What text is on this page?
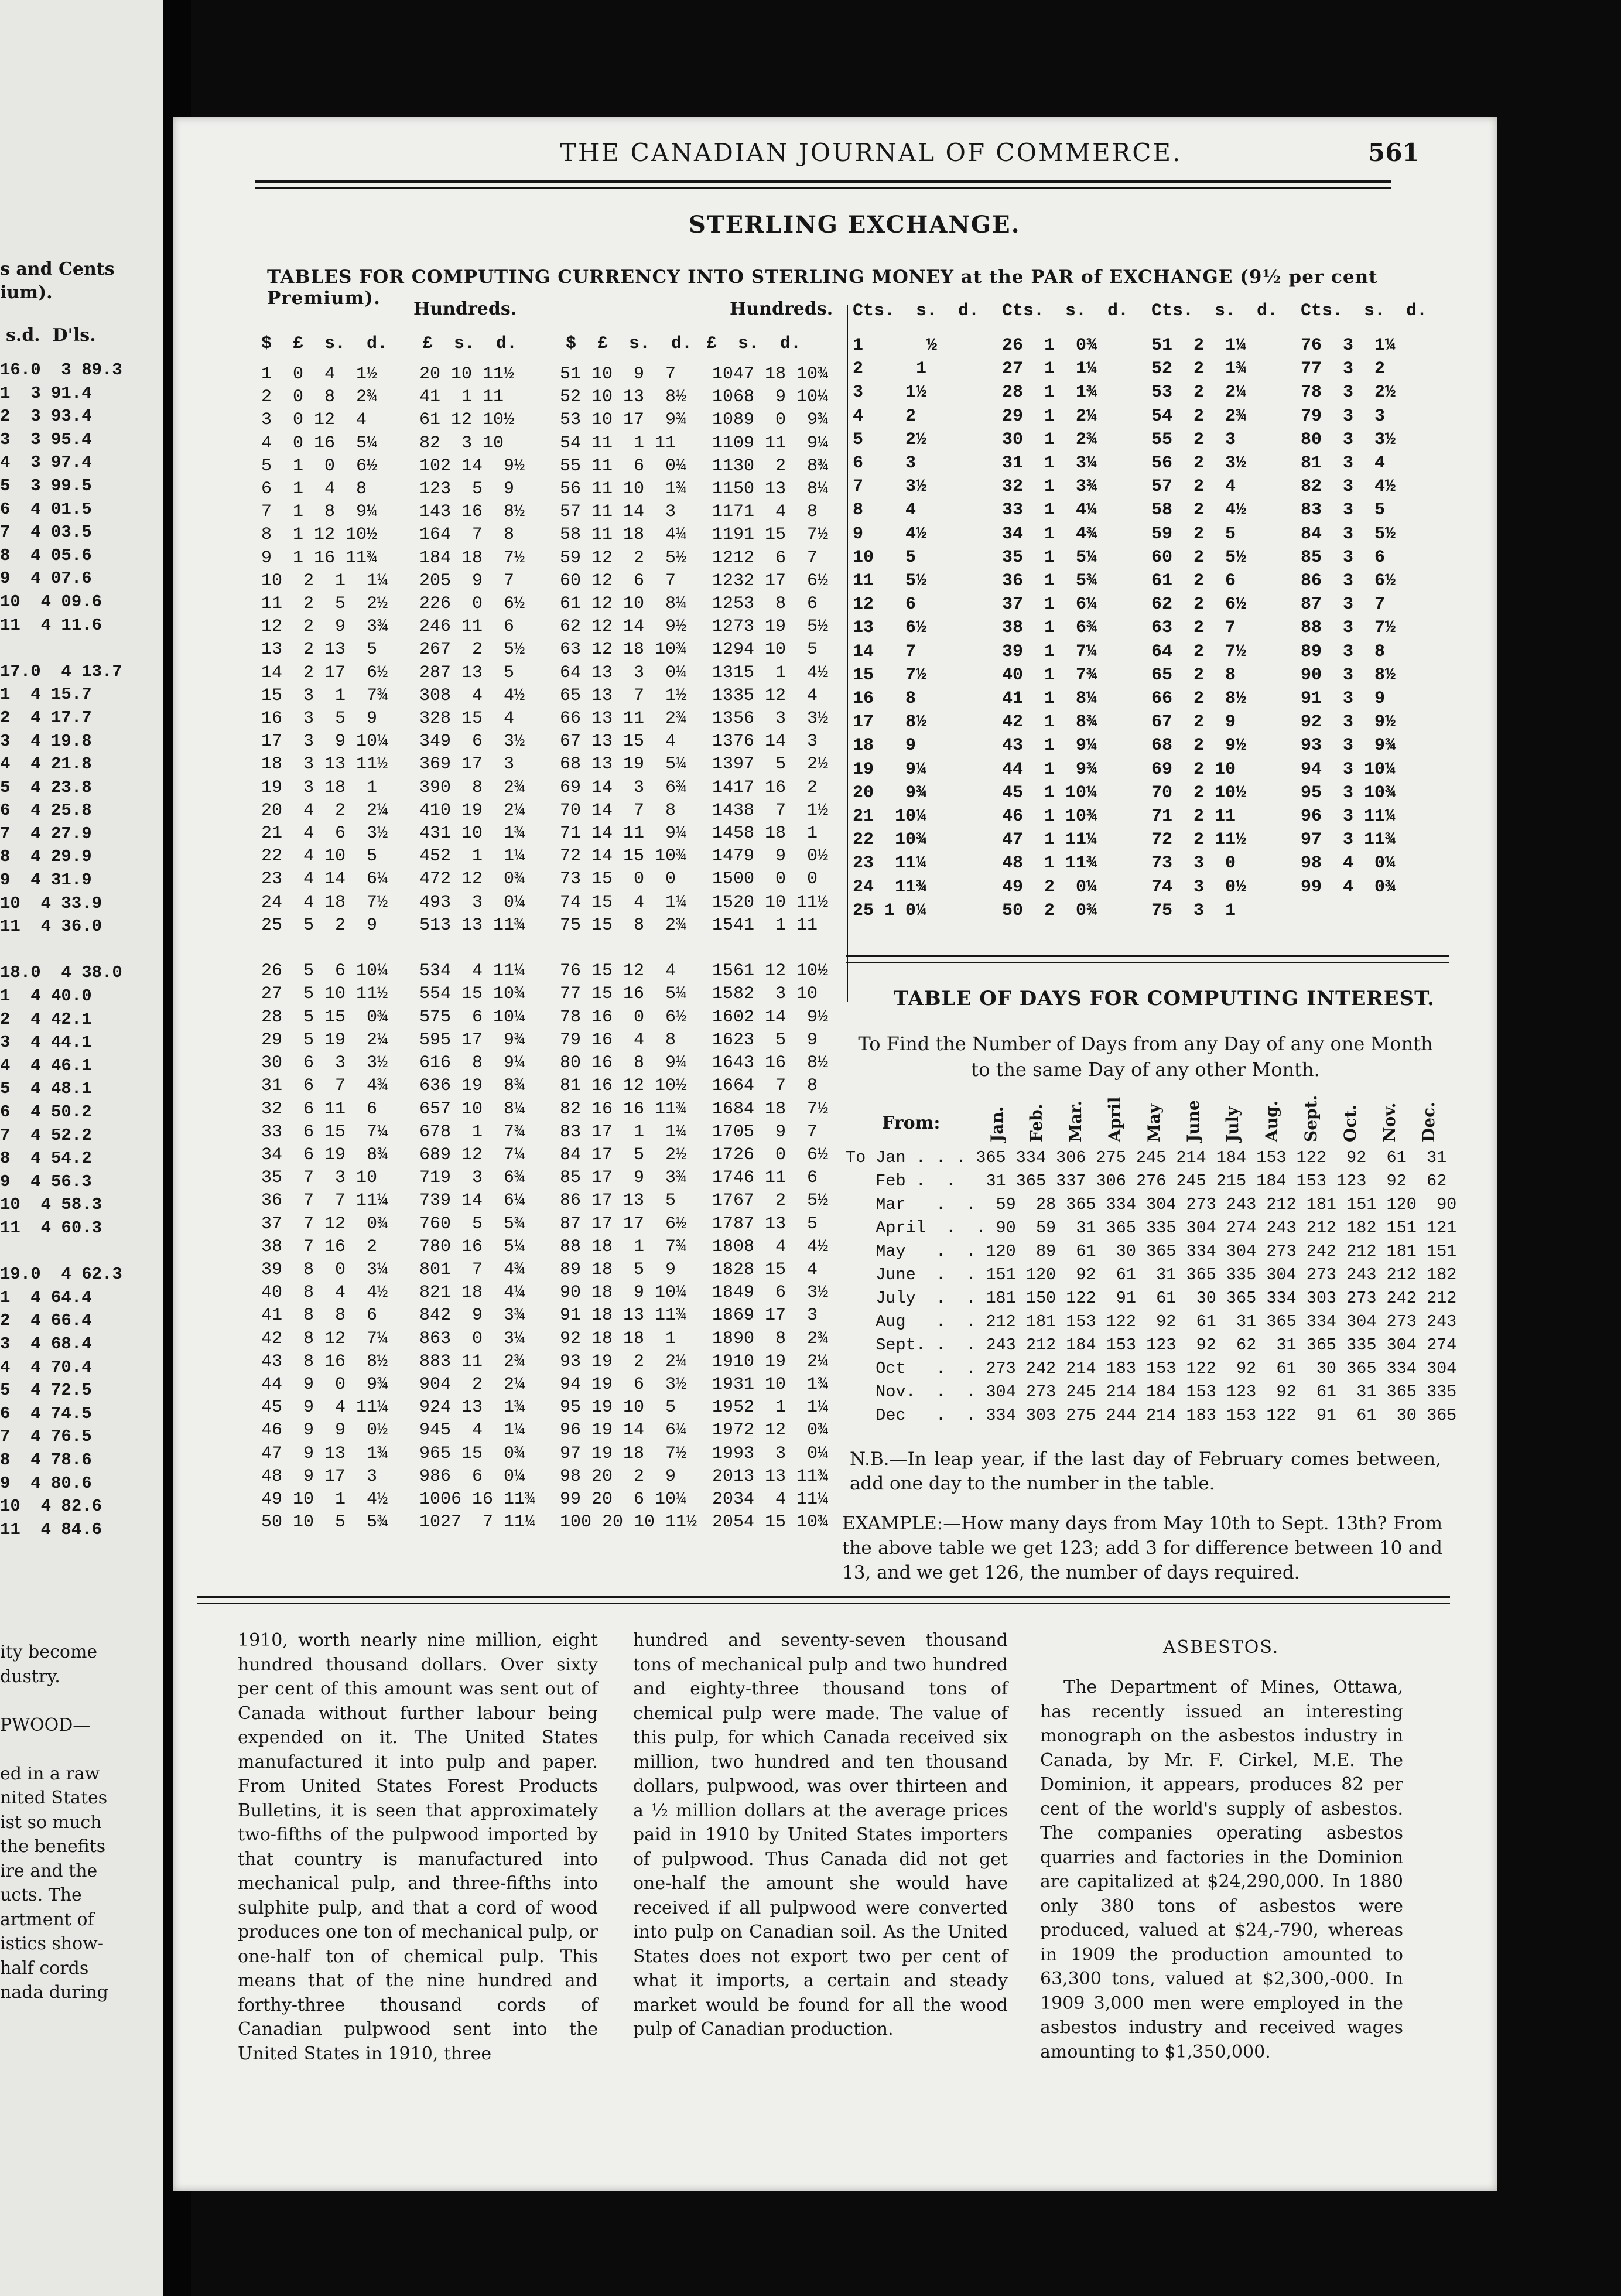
s and Cents
ium).
s.d. D'ls.
16.0  3 89.3
1  3 91.4
2  3 93.4
3  3 95.4
4  3 97.4
5  3 99.5
6  4 01.5
7  4 03.5
8  4 05.6
9  4 07.6
10  4 09.6
11  4 11.6

17.0  4 13.7
1  4 15.7
2  4 17.7
3  4 19.8
4  4 21.8
5  4 23.8
6  4 25.8
7  4 27.9
8  4 29.9
9  4 31.9
10  4 33.9
11  4 36.0

18.0  4 38.0
1  4 40.0
2  4 42.1
3  4 44.1
4  4 46.1
5  4 48.1
6  4 50.2
7  4 52.2
8  4 54.2
9  4 56.3
10  4 58.3
11  4 60.3

19.0  4 62.3
1  4 64.4
2  4 66.4
3  4 68.4
4  4 70.4
5  4 72.5
6  4 74.5
7  4 76.5
8  4 78.6
9  4 80.6
10  4 82.6
11  4 84.6
ity become
dustry.

PWOOD—

ed in a raw
nited States
ist so much
the benefits
ire and the
ucts. The
artment of
istics show-
half cords
nada during
THE CANADIAN JOURNAL OF COMMERCE.	561
STERLING EXCHANGE.
TABLES FOR COMPUTING CURRENCY INTO STERLING MONEY at the PAR of EXCHANGE (9½ per cent Premium).
Hundreds.
$  £  s.  d. £  s.  d.
1  0  4  1½	20 10 11½
2  0  8  2¾	41  1 11
3  0 12  4	61 12 10½
4  0 16  5¼	82  3 10
5  1  0  6½	102 14  9½
6  1  4  8	123  5  9
7  1  8  9¼	143 16  8½
8  1 12 10½	164  7  8
9  1 16 11¾	184 18  7½
10  2  1  1¼	205  9  7
11  2  5  2½	226  0  6½
12  2  9  3¾	246 11  6
13  2 13  5	267  2  5½
14  2 17  6½	287 13  5
15  3  1  7¾	308  4  4½
16  3  5  9	328 15  4
17  3  9 10¼	349  6  3½
18  3 13 11½	369 17  3
19  3 18  1	390  8  2¾
20  4  2  2¼	410 19  2¼
21  4  6  3½	431 10  1¾
22  4 10  5	452  1  1¼
23  4 14  6¼	472 12  0¾
24  4 18  7½	493  3  0¼
25  5  2  9	513 13 11¾

26  5  6 10¼	534  4 11¼
27  5 10 11½	554 15 10¾
28  5 15  0¾	575  6 10¼
29  5 19  2¼	595 17  9¾
30  6  3  3½	616  8  9¼
31  6  7  4¾	636 19  8¾
32  6 11  6	657 10  8¼
33  6 15  7¼	678  1  7¾
34  6 19  8¾	689 12  7¼
35  7  3 10	719  3  6¾
36  7  7 11¼	739 14  6¼
37  7 12  0¾	760  5  5¾
38  7 16  2	780 16  5¼
39  8  0  3¼	801  7  4¾
40  8  4  4½	821 18  4¼
41  8  8  6	842  9  3¾
42  8 12  7¼	863  0  3¼
43  8 16  8½	883 11  2¾
44  9  0  9¾	904  2  2¼
45  9  4 11¼	924 13  1¾
46  9  9  0½	945  4  1¼
47  9 13  1¾	965 15  0¾
48  9 17  3	986  6  0¼
49 10  1  4½	1006 16 11¾
50 10  5  5¾	1027  7 11¼
Hundreds.
$  £  s.  d. £  s.  d.
51 10  9  7	1047 18 10¾
52 10 13  8½	1068  9 10¼
53 10 17  9¾	1089  0  9¾
54 11  1 11	1109 11  9¼
55 11  6  0¼	1130  2  8¾
56 11 10  1¾	1150 13  8¼
57 11 14  3	1171  4  8
58 11 18  4¼	1191 15  7½
59 12  2  5½	1212  6  7
60 12  6  7	1232 17  6½
61 12 10  8¼	1253  8  6
62 12 14  9½	1273 19  5½
63 12 18 10¾	1294 10  5
64 13  3  0¼	1315  1  4½
65 13  7  1½	1335 12  4
66 13 11  2¾	1356  3  3½
67 13 15  4	1376 14  3
68 13 19  5¼	1397  5  2½
69 14  3  6¾	1417 16  2
70 14  7  8	1438  7  1½
71 14 11  9¼	1458 18  1
72 14 15 10¾	1479  9  0½
73 15  0  0	1500  0  0
74 15  4  1¼	1520 10 11½
75 15  8  2¾	1541  1 11

76 15 12  4	1561 12 10½
77 15 16  5¼	1582  3 10
78 16  0  6½	1602 14  9½
79 16  4  8	1623  5  9
80 16  8  9¼	1643 16  8½
81 16 12 10½	1664  7  8
82 16 16 11¾	1684 18  7½
83 17  1  1¼	1705  9  7
84 17  5  2½	1726  0  6½
85 17  9  3¾	1746 11  6
86 17 13  5	1767  2  5½
87 17 17  6½	1787 13  5
88 18  1  7¾	1808  4  4½
89 18  5  9	1828 15  4
90 18  9 10¼	1849  6  3½
91 18 13 11¾	1869 17  3
92 18 18  1	1890  8  2¾
93 19  2  2¼	1910 19  2¼
94 19  6  3½	1931 10  1¾
95 19 10  5	1952  1  1¼
96 19 14  6¼	1972 12  0¾
97 19 18  7½	1993  3  0¼
98 20  2  9	2013 13 11¾
99 20  6 10¼	2034  4 11¼
100 20 10 11½ 2054 15 10¾
Cts.  s.  d. Cts.  s.  d. Cts.  s.  d. Cts.  s.  d.
1      ½	26  1  0¾	51  2  1¼	76  3  1¼
2     1	27  1  1¼	52  2  1¾	77  3  2
3    1½	28  1  1¾	53  2  2¼	78  3  2½
4    2	29  1  2¼	54  2  2¾	79  3  3
5    2½	30  1  2¾	55  2  3	80  3  3½
6    3	31  1  3¼	56  2  3½	81  3  4
7    3½	32  1  3¾	57  2  4	82  3  4½
8    4	33  1  4¼	58  2  4½	83  3  5
9    4½	34  1  4¾	59  2  5	84  3  5½
10   5	35  1  5¼	60  2  5½	85  3  6
11   5½	36  1  5¾	61  2  6	86  3  6½
12   6	37  1  6¼	62  2  6½	87  3  7
13   6½	38  1  6¾	63  2  7	88  3  7½
14   7	39  1  7¼	64  2  7½	89  3  8
15   7½	40  1  7¾	65  2  8	90  3  8½
16   8	41  1  8¼	66  2  8½	91  3  9
17   8½	42  1  8¾	67  2  9	92  3  9½
18   9	43  1  9¼	68  2  9½	93  3  9¾
19   9¼	44  1  9¾	69  2 10	94  3 10¼
20   9¾	45  1 10¼	70  2 10½	95  3 10¾
21  10¼	46  1 10¾	71  2 11	96  3 11¼
22  10¾	47  1 11¼	72  2 11½	97  3 11¾
23  11¼	48  1 11¾	73  3  0	98  4  0¼
24  11¾	49  2  0¼	74  3  0½	99  4  0¾
25 1 0¼	50  2  0¾	75  3  1

TABLE OF DAYS FOR COMPUTING INTEREST.
To Find the Number of Days from any Day of any one Month
to the same Day of any other Month.
From:	Jan. Feb. Mar. April May June July Aug. Sept. Oct. Nov. Dec.
To Jan . . . 365 334 306 275 245 214 184 153 122  92  61  31
Feb .  .   31 365 337 306 276 245 215 184 153 123  92  62
Mar   .  .  59  28 365 334 304 273 243 212 181 151 120  90
April  .  . 90  59  31 365 335 304 274 243 212 182 151 121
May   .  . 120  89  61  30 365 334 304 273 242 212 181 151
June  .  . 151 120  92  61  31 365 335 304 273 243 212 182
July  .  . 181 150 122  91  61  30 365 334 303 273 242 212
Aug   .  . 212 181 153 122  92  61  31 365 334 304 273 243
Sept. .  . 243 212 184 153 123  92  62  31 365 335 304 274
Oct   .  . 273 242 214 183 153 122  92  61  30 365 334 304
Nov.  .  . 304 273 245 214 184 153 123  92  61  31 365 335
Dec   .  . 334 303 275 244 214 183 153 122  91  61  30 365
N.B.—In leap year, if the last day of February comes between, add one day to the number in the table.
EXAMPLE:—How many days from May 10th to Sept. 13th? From the above table we get 123; add 3 for difference between 10 and 13, and we get 126, the number of days required.
1910, worth nearly nine million, eight hundred thousand dollars. Over sixty per cent of this amount was sent out of Canada without further labour being expended on it. The United States manufactured it into pulp and paper. From United States Forest Products Bulletins, it is seen that approximately two-fifths of the pulpwood imported by that country is manufactured into mechanical pulp, and three-fifths into sulphite pulp, and that a cord of wood produces one ton of mechanical pulp, or one-half ton of chemical pulp. This means that of the nine hundred and forthy-three thousand cords of Canadian pulpwood sent into the United States in 1910, three
hundred and seventy-seven thousand tons of mechanical pulp and two hundred and eighty-three thousand tons of chemical pulp were made. The value of this pulp, for which Canada received six million, two hundred and ten thousand dollars, pulpwood, was over thirteen and a ½ million dollars at the average prices paid in 1910 by United States importers of pulpwood. Thus Canada did not get one-half the amount she would have received if all pulpwood were converted into pulp on Canadian soil. As the United States does not export two per cent of what it imports, a certain and steady market would be found for all the wood pulp of Canadian production.
ASBESTOS.
The Department of Mines, Ottawa, has recently issued an interesting monograph on the asbestos industry in Canada, by Mr. F. Cirkel, M.E. The Dominion, it appears, produces 82 per cent of the world's supply of asbestos. The companies operating asbestos quarries and factories in the Dominion are capitalized at $24,290,000. In 1880 only 380 tons of asbestos were produced, valued at $24,-790, whereas in 1909 the production amounted to 63,300 tons, valued at $2,300,-000. In 1909 3,000 men were employed in the asbestos industry and received wages amounting to $1,350,000.
